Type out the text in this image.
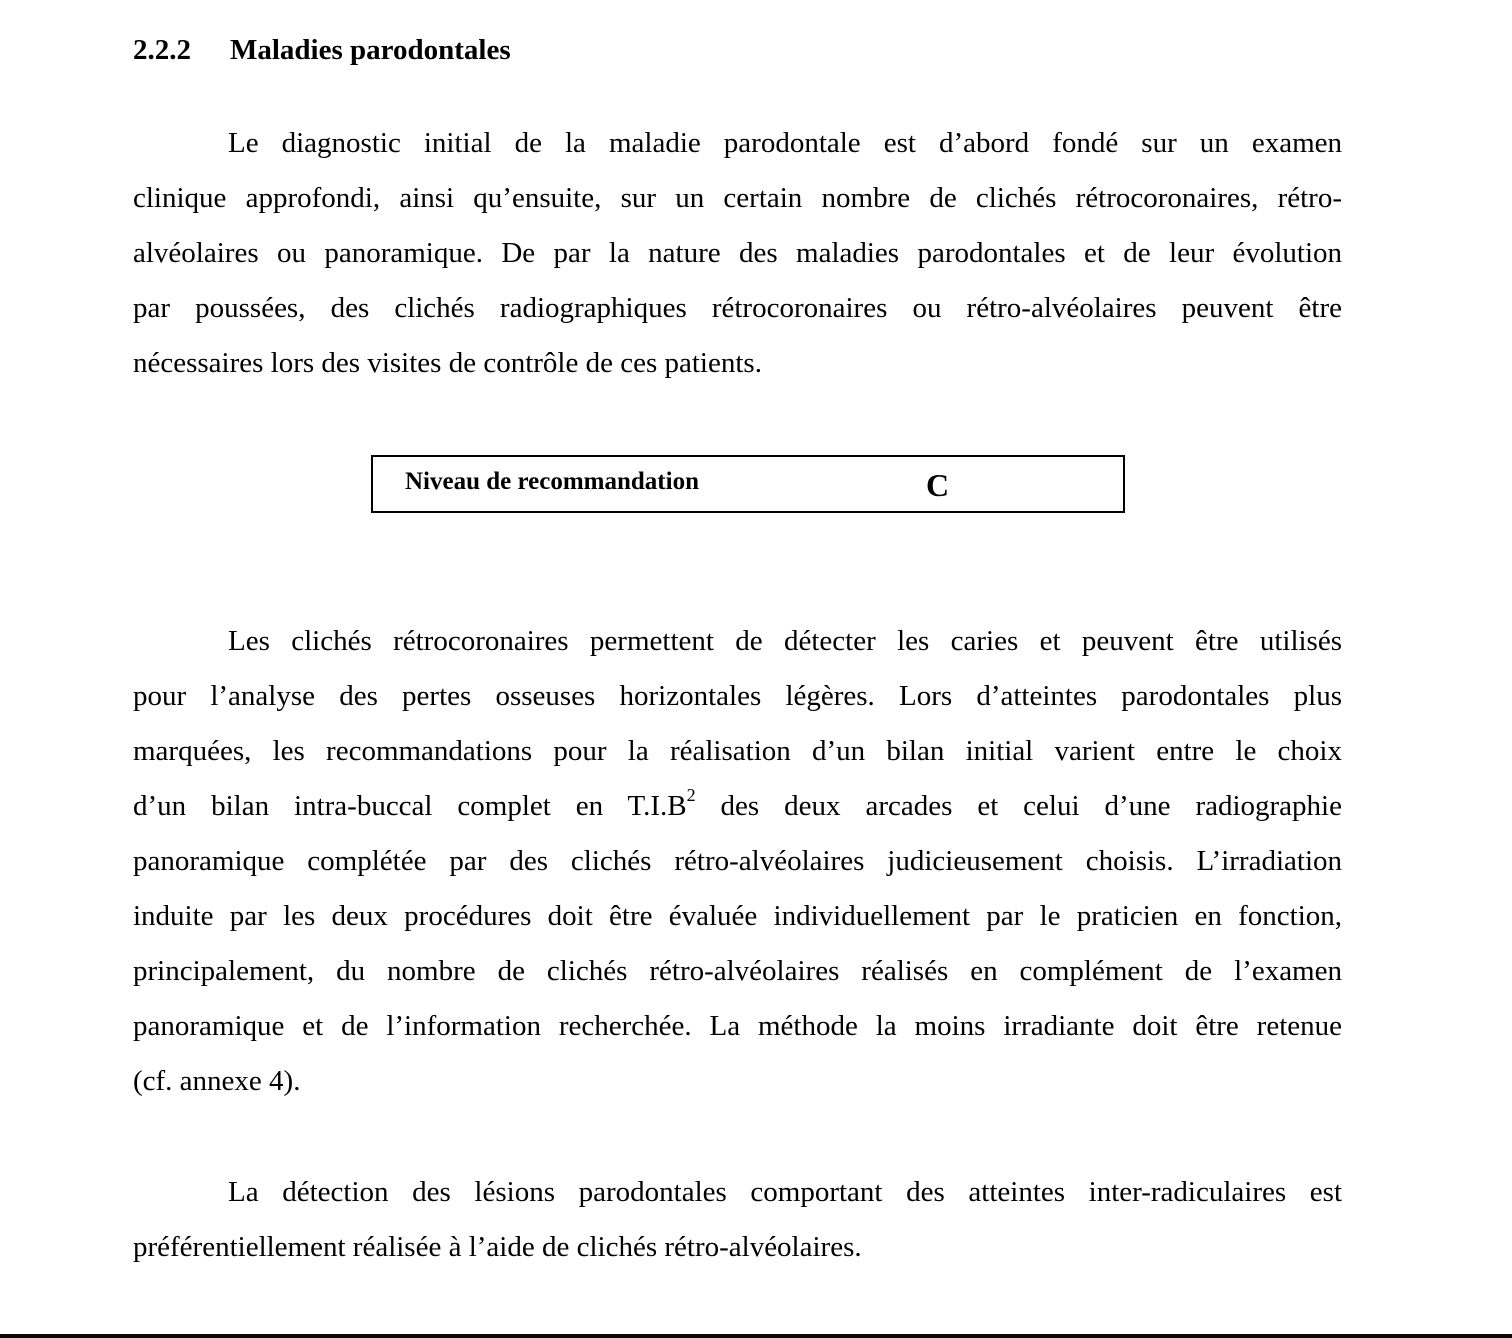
2.2.2 Maladies parodontales
Le diagnostic initial de la maladie parodontale est d’abord fondé sur un examen
clinique approfondi, ainsi qu’ensuite, sur un certain nombre de clichés rétrocoronaires, rétro-
alvéolaires ou panoramique. De par la nature des maladies parodontales et de leur évolution
par poussées, des clichés radiographiques rétrocoronaires ou rétro-alvéolaires peuvent être
nécessaires lors des visites de contrôle de ces patients.
Niveau de recommandation	C
Les clichés rétrocoronaires permettent de détecter les caries et peuvent être utilisés
pour l’analyse des pertes osseuses horizontales légères. Lors d’atteintes parodontales plus
marquées, les recommandations pour la réalisation d’un bilan initial varient entre le choix
d’un bilan intra-buccal complet en $T.I.B^2$ des deux arcades et celui d’une radiographie
panoramique complétée par des clichés rétro-alvéolaires judicieusement choisis. L’irradiation
induite par les deux procédures doit être évaluée individuellement par le praticien en fonction,
principalement, du nombre de clichés rétro-alvéolaires réalisés en complément de l’examen
panoramique et de l’information recherchée. La méthode la moins irradiante doit être retenue
(cf. annexe 4).
La détection des lésions parodontales comportant des atteintes inter-radiculaires est
préférentiellement réalisée à l’aide de clichés rétro-alvéolaires.
